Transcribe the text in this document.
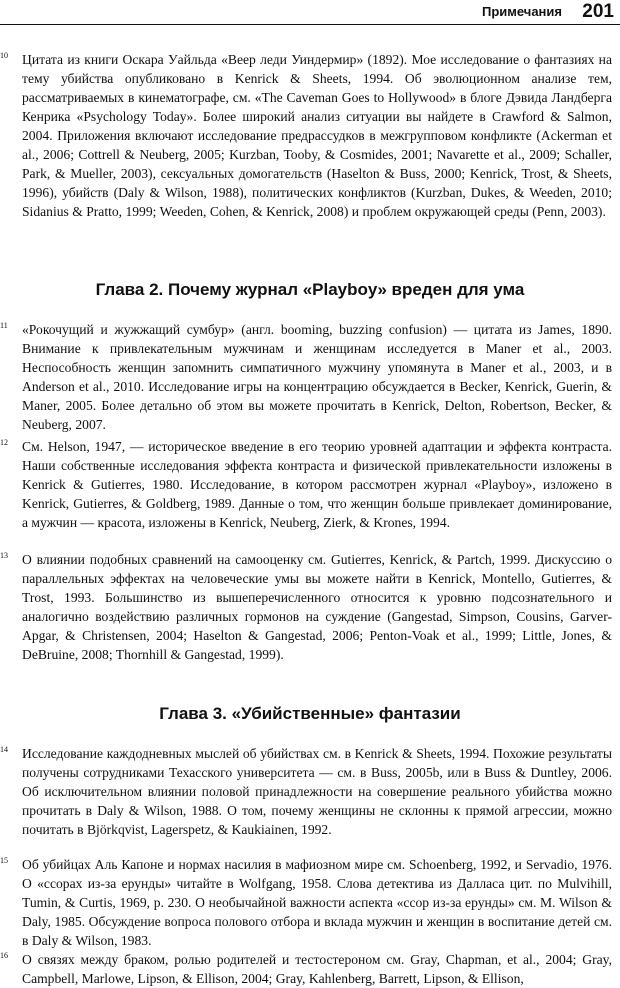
Примечания 201
10	Цитата из книги Оскара Уайльда «Веер леди Уиндермир» (1892). Мое исследование о фантазиях на тему убийства опубликовано в Kenrick & Sheets, 1994. Об эволюционном анализе тем, рассматриваемых в кинематографе, см. «The Caveman Goes to Hollywood» в блоге Дэвида Ландберга Кенрика «Psychology Today». Более широкий анализ ситуации вы найдете в Crawford & Salmon, 2004. Приложения включают исследование предрассудков в межгрупповом конфликте (Ackerman et al., 2006; Cottrell & Neuberg, 2005; Kurzban, Tooby, & Cosmides, 2001; Navarette et al., 2009; Schaller, Park, & Mueller, 2003), сексуальных домогательств (Haselton & Buss, 2000; Kenrick, Trost, & Sheets, 1996), убийств (Daly & Wilson, 1988), политических конфликтов (Kurzban, Dukes, & Weeden, 2010; Sidanius & Pratto, 1999; Weeden, Cohen, & Kenrick, 2008) и проблем окружающей среды (Penn, 2003).

Глава 2. Почему журнал «Playboy» вреден для ума
11	«Рокочущий и жужжащий сумбур» (англ. booming, buzzing confusion) — цитата из James, 1890. Внимание к привлекательным мужчинам и женщинам исследуется в Maner et al., 2003. Неспособность женщин запомнить симпатичного мужчину упомянута в Maner et al., 2003, и в Anderson et al., 2010. Исследование игры на концентрацию обсуждается в Becker, Kenrick, Guerin, & Maner, 2005. Более детально об этом вы можете прочитать в Kenrick, Delton, Robertson, Becker, & Neuberg, 2007.

12	См. Helson, 1947, — историческое введение в его теорию уровней адаптации и эффекта контраста. Наши собственные исследования эффекта контраста и физической привлекательности изложены в Kenrick & Gutierres, 1980. Исследование, в котором рассмотрен журнал «Playboy», изложено в Kenrick, Gutierres, & Goldberg, 1989. Данные о том, что женщин больше привлекает доминирование, а мужчин — красота, изложены в Kenrick, Neuberg, Zierk, & Krones, 1994.

13	О влиянии подобных сравнений на самооценку см. Gutierres, Kenrick, & Partch, 1999. Дискуссию о параллельных эффектах на человеческие умы вы можете найти в Kenrick, Montello, Gutierres, & Trost, 1993. Большинство из вышеперечисленного относится к уровню подсознательного и аналогично воздействию различных гормонов на суждение (Gangestad, Simpson, Cousins, Garver-Apgar, & Christensen, 2004; Haselton & Gangestad, 2006; Penton-Voak et al., 1999; Little, Jones, & DeBruine, 2008; Thornhill & Gangestad, 1999).

Глава 3. «Убийственные» фантазии
14	Исследование каждодневных мыслей об убийствах см. в Kenrick & Sheets, 1994. Похожие результаты получены сотрудниками Техасского университета — см. в Buss, 2005b, или в Buss & Duntley, 2006. Об исключительном влиянии половой принадлежности на совершение реального убийства можно прочитать в Daly & Wilson, 1988. О том, почему женщины не склонны к прямой агрессии, можно почитать в Björkqvist, Lagerspetz, & Kaukiainen, 1992.

15	Об убийцах Аль Капоне и нормах насилия в мафиозном мире см. Schoenberg, 1992, и Servadio, 1976. О «ссорах из-за ерунды» читайте в Wolfgang, 1958. Слова детектива из Далласа цит. по Mulvihill, Tumin, & Curtis, 1969, p. 230. О необычайной важности аспекта «ссор из-за ерунды» см. M. Wilson & Daly, 1985. Обсуждение вопроса полового отбора и вклада мужчин и женщин в воспитание детей см. в Daly & Wilson, 1983.

16	О связях между браком, ролью родителей и тестостероном см. Gray, Chapman, et al., 2004; Gray, Campbell, Marlowe, Lipson, & Ellison, 2004; Gray, Kahlenberg, Barrett, Lipson, & Ellison,
